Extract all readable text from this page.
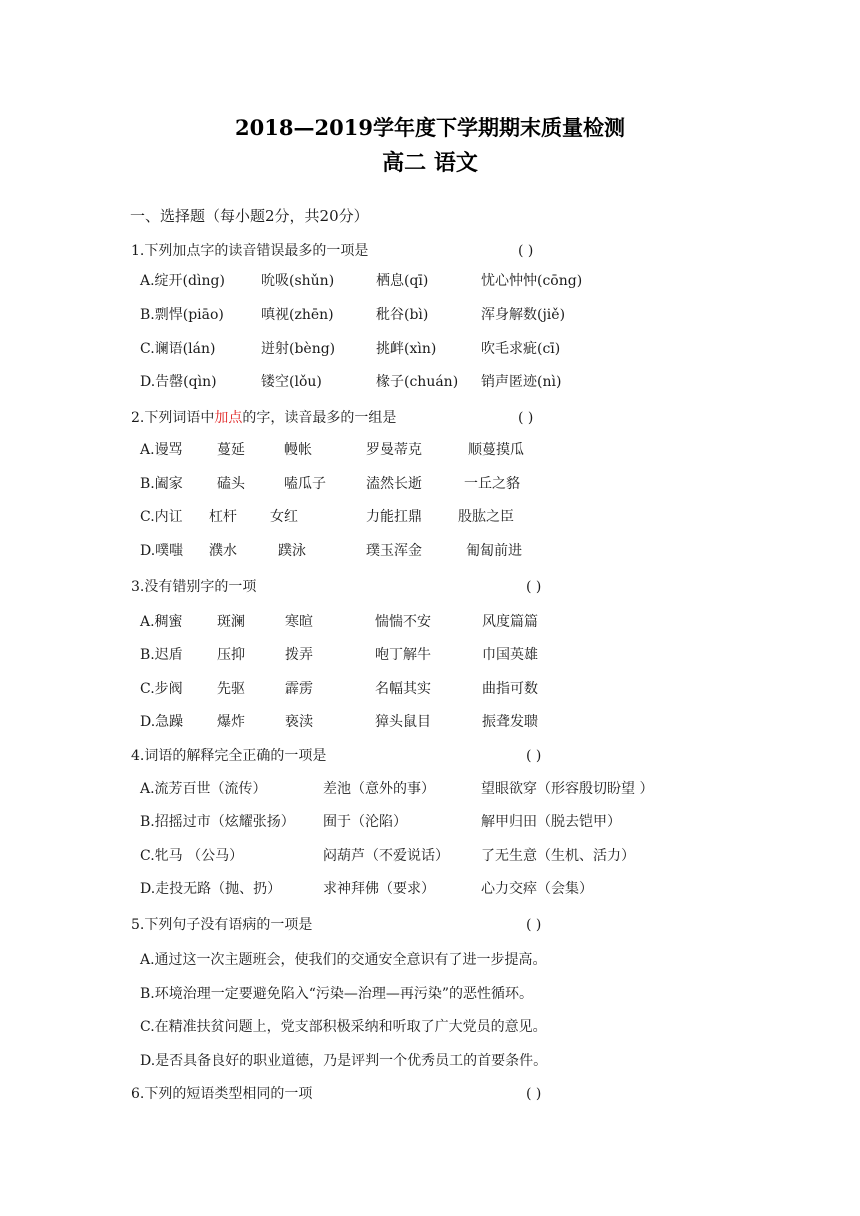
2018—2019学年度下学期期末质量检测
高二 语文
一、选择题（每小题2分，共20分）
1.下列加点字的读音错误最多的一项是	( )
A.绽开(dìng)	吮吸(shǔn)	栖息(qī)	忧心忡忡(cōng)
B.剽悍(piāo)	嗔视(zhēn)	秕谷(bì)	浑身解数(jiě)
C.谰语(lán)	迸射(bèng)	挑衅(xìn)	吹毛求疵(cī)
D.告罄(qìn)	镂空(lǒu)	椽子(chuán) 销声匿迹(nì)
2.下列词语中加点的字，读音最多的一组是	( )
A.谩骂 蔓延	幔帐	罗曼蒂克	顺蔓摸瓜
B.阖家 磕头	嗑瓜子	溘然长逝	一丘之貉
C.内讧 杠杆 女红	力能扛鼎	股肱之臣
D.噗嗤 濮水	蹼泳	璞玉浑金	匍匐前进
3.没有错别字的一项	( )
A.稠蜜 斑澜	寒暄	惴惴不安	风度篇篇
B.迟盾 压抑	拨弄	咆丁解牛	巾国英雄
C.步阀 先驱	霹雳	名幅其实	曲指可数
D.急躁 爆炸	亵渎	獐头鼠目	振聋发聩
4.词语的解释完全正确的一项是	( )
A.流芳百世（流传）	差池（意外的事）	望眼欲穿（形容殷切盼望 ）
B.招摇过市（炫耀张扬） 囿于（沦陷）	解甲归田（脱去铠甲）
C.牝马 （公马）	闷葫芦（不爱说话） 了无生意（生机、活力）
D.走投无路（抛、扔）	求神拜佛（要求）	心力交瘁（会集）
5.下列句子没有语病的一项是	( )
A.通过这一次主题班会，使我们的交通安全意识有了进一步提高。
B.环境治理一定要避免陷入“污染—治理—再污染”的恶性循环。
C.在精准扶贫问题上，党支部积极采纳和听取了广大党员的意见。
D.是否具备良好的职业道德，乃是评判一个优秀员工的首要条件。
6.下列的短语类型相同的一项	( )
